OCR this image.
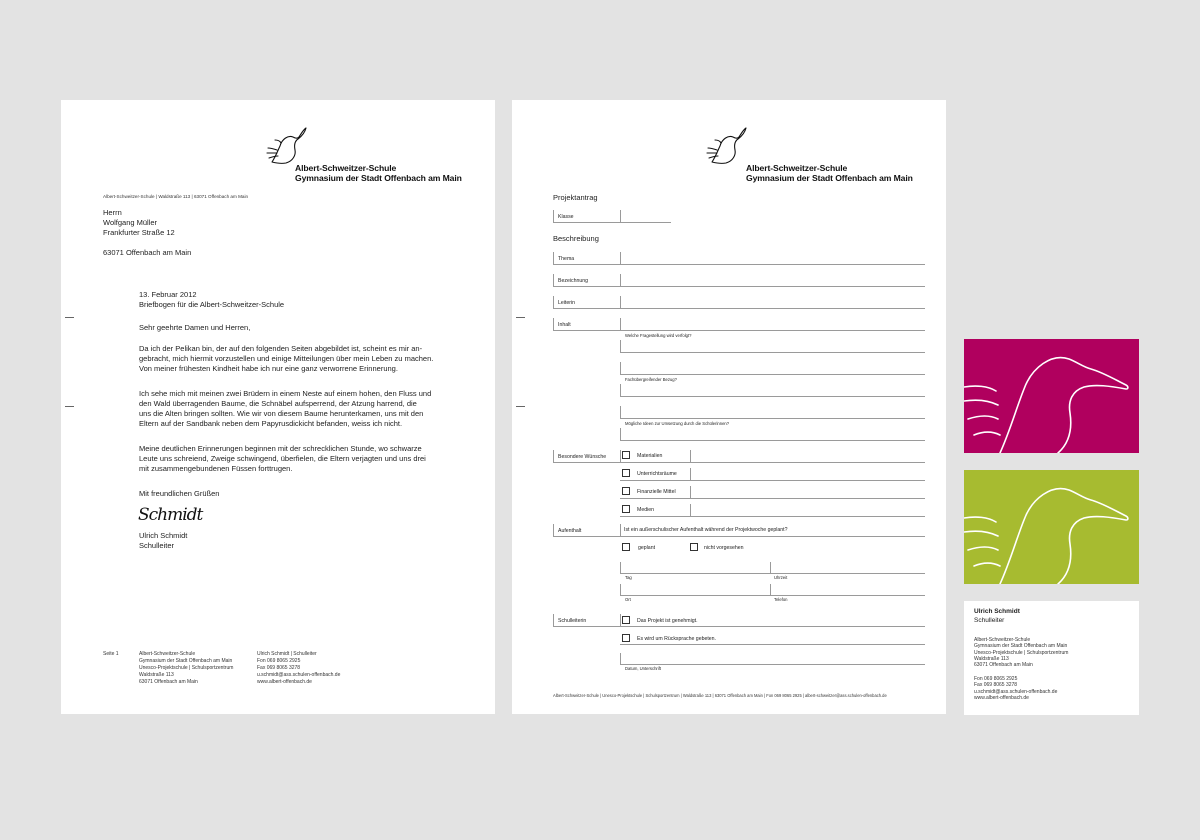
Albert-Schweitzer-Schule
Gymnasium der Stadt Offenbach am Main
Albert-Schweitzer-Schule | Waldstraße 113 | 63071 Offenbach am Main
Herrn
Wolfgang Müller
Frankfurter Straße 12
63071 Offenbach am Main
13. Februar 2012
Briefbogen für die Albert-Schweitzer-Schule
Sehr geehrte Damen und Herren,
Da ich der Pelikan bin, der auf den folgenden Seiten abgebildet ist, scheint es mir an-
gebracht, mich hiermit vorzustellen und einige Mitteilungen über mein Leben zu machen.
Von meiner frühesten Kindheit habe ich nur eine ganz verworrene Erinnerung.
Ich sehe mich mit meinen zwei Brüdern in einem Neste auf einem hohen, den Fluss und
den Wald überragenden Baume, die Schnäbel aufsperrend, der Atzung harrend, die
uns die Alten bringen sollten. Wie wir von diesem Baume herunterkamen, uns mit den
Eltern auf der Sandbank neben dem Papyrusdickicht befanden, weiss ich nicht.
Meine deutlichen Erinnerungen beginnen mit der schrecklichen Stunde, wo schwarze
Leute uns schreiend, Zweige schwingend, überfielen, die Eltern verjagten und uns drei
mit zusammengebundenen Füssen forttrugen.
Mit freundlichen Grüßen
Schmidt
Ulrich Schmidt
Schulleiter
Seite 1	Albert-Schweitzer-Schule
Gymnasium der Stadt Offenbach am Main
Unesco-Projektschule | Schulsportzentrum
Waldstraße 113
63071 Offenbach am Main
Ulrich Schmidt | Schulleiter
Fon 069 8065 2925
Fax 069 8065 3278
u.schmidt@ass.schulen-offenbach.de
www.albert-offenbach.de
Albert-Schweitzer-Schule
Gymnasium der Stadt Offenbach am Main
Projektantrag
Klasse
Beschreibung
Thema
Bezeichnung
Leiterin
Inhalt
Welche Fragestellung wird verfolgt?
Fachübergreifender Bezug?
Mögliche Ideen zur Umsetzung durch die Schülerinnen?
Besondere Wünsche	Materialien
Unterrichtsräume
Finanzielle Mittel
Medien
Aufenthalt	Ist ein außerschulischer Aufenthalt während der Projektwoche geplant?
geplant	nicht vorgesehen
Tag	Uhrzeit
Ort	Telefon
Schulleiterin	Das Projekt ist genehmigt.
Es wird um Rücksprache gebeten.
Datum, Unterschrift
Albert-Schweitzer-Schule | Unesco-Projektschule | Schulsportzentrum | Waldstraße 113 | 63071 Offenbach am Main | Fon 069 8065 2925 | albert-schweitzer@ass.schulen-offenbach.de
Ulrich Schmidt
Schulleiter
Albert-Schweitzer-Schule
Gymnasium der Stadt Offenbach am Main
Unesco-Projektschule | Schulsportzentrum
Waldstraße 113
63071 Offenbach am Main
Fon 069 8065 2925
Fax 069 8065 3278
u.schmidt@ass.schulen-offenbach.de
www.albert-offenbach.de
